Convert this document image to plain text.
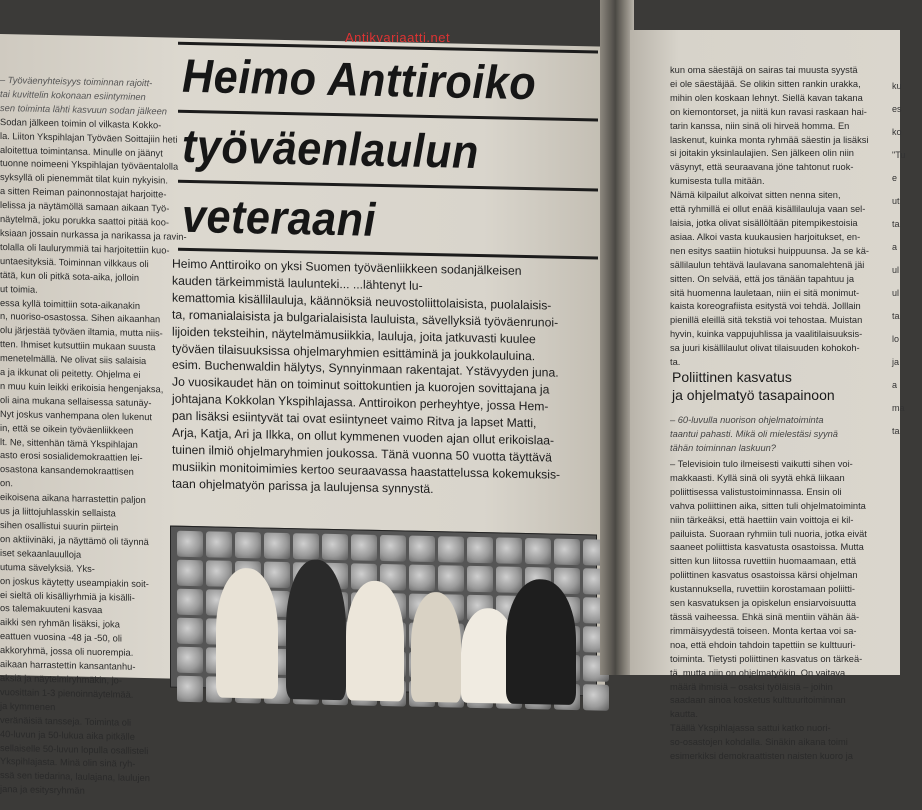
– Työväenyhteisyys toiminnan rajoitt-

tai kuvittelin kokonaan esiintyminen

sen toiminta lähti kasvuun sodan jälkeen

Sodan jälkeen toimin ol vilkasta Kokko-

la. Liiton Ykspihlajan Työväen Soittajiin heti

aloitettua toimintansa. Minulle on jäänyt

tuonne noimeeni Ykspihlajan työväentalolla

syksyllä oli pienemmät tilat kuin nykyisin.

a sitten Reiman painonnostajat harjoitte-

lelissa ja näytämöllä samaan aikaan Työ-

näytelmä, joku porukka saattoi pitää koo-

ksiaan jossain nurkassa ja narikassa ja ravin-

tolalla oli laulurymmiä tai harjoitettiin kuo-

untaesityksiä. Toiminnan vilkkaus oli

tätä, kun oli pitkä sota-aika, jolloin

ut toimia.

essa kyllä toimittiin sota-aikanakin

n, nuoriso-osastossa. Sihen aikaanhan

olu järjestää työväen iltamia, mutta niis-

tten. Ihmiset kutsuttiin mukaan suusta

menetelmällä. Ne olivat siis salaisia

a ja ikkunat oli peitetty. Ohjelma ei

n muu kuin leikki erikoisia hengenjaksa,

oli aina mukana sellaisessa satunäy-

Nyt joskus vanhempana olen lukenut

in, että se oikein työväenliikkeen

lt. Ne, sittenhän tämä Ykspihlajan

asto erosi sosialidemokraattien lei-

osastona kansandemokraattisen

on.

eikoisena aikana harrastettin paljon

us ja liittojuhlasskin sellaista

sihen osallistui suurin piirtein

on aktiivinäki, ja näyttämö oli täynnä

iset sekaanlauulloja

utuma sävelyksiä. Yks-

on joskus käytetty useampiakin soit-

ei sieltä oli kisälliyrhmiä ja kisälli-

os talemakuuteni kasvaa

aikki sen ryhmän lisäksi, joka

eattuen vuosina -48 ja -50, oli

akkoryhmä, jossa oli nuorempia.

aikaan harrastettin kansantanhu-

aksiä ja näytelmiryhmäkin, jo-

vuosittain 1-3 pienoinnäytelmää.

ja kymmenen

veränäisiä tansseja. Toiminta oli

40-luvun ja 50-lukua aika pitkälle

sellaiselle 50-luvun lopulla osallisteli

Ykspihlajasta. Minä olin sinä ryh-

ssä sen tiedarina, laulajana, laulujen

jana ja esitysryhmän

Heimo Anttiroiko
työväenlaulun
veteraani

Heimo Anttiroiko on yksi Suomen työväenliikkeen sodanjälkeisen

kauden tärkeimmistä laulunteki... ...lähtenyt lu-

kemattomia kisällilauluja, käännöksiä neuvostoliittolaisista, puolalaisis-

ta, romanialaisista ja bulgarialaisista lauluista, sävellyksiä työväenrunoi-

lijoiden teksteihin, näytelmämusiikkia, lauluja, joita jatkuvasti kuulee

työväen tilaisuuksissa ohjelmaryhmien esittäminä ja joukkolauluina.

esim. Buchenwaldin hälytys, Synnyinmaan rakentajat. Ystävyyden juna.

Jo vuosikaudet hän on toiminut soittokuntien ja kuorojen sovittajana ja

johtajana Kokkolan Ykspihlajassa. Anttiroikon perheyhtye, jossa Hem-

pan lisäksi esiintyvät tai ovat esiintyneet vaimo Ritva ja lapset Matti,

Arja, Katja, Ari ja Ilkka, on ollut kymmenen vuoden ajan ollut erikoislaa-

tuinen ilmiö ohjelmaryhmien joukossa. Tänä vuonna 50 vuotta täyttävä

musiikin monitoimimies kertoo seuraavassa haastattelussa kokemuksis-

taan ohjelmatyön parissa ja laulujensa synnystä.

kun oma säestäjä on sairas tai muusta syystä

ei ole säestäjää. Se olikin sitten rankin urakka,

mihin olen koskaan lehnyt. Siellä kavan takana

on kiemontorset, ja niitä kun ravasi raskaan hai-

tarin kanssa, niin sinä oli hirveä homma. En

laskenut, kuinka monta ryhmää säestin ja lisäksi

si joitakin yksinlaulajien. Sen jälkeen olin niin

väsynyt, että seuraavana jöne tahtonut ruok-

kumisesta tulla mitään.

Nämä kilpailut alkoivat sitten nenna siten,

että ryhmillä ei ollut enää kisällilauluja vaan sel-

laisia, jotka olivat sisällöltään pitempikestoisia

asiaa. Alkoi vasta kuukausien harjoitukset, en-

nen esitys saatiin hiotuksi huippuunsa. Ja se kä-

sällilaulun tehtävä laulavana sanomalehtenä jäi

sitten. On selvää, että jos tänään tapahtuu ja

sitä huomenna lauletaan, niin ei sitä monimut-

kaista koreografiista esitystä voi tehdä. Jolllain

pienillä eleillä sitä tekstiä voi tehostaa. Muistan

hyvin, kuinka vappujuhlissa ja vaalitilaisuuksis-

sa juuri kisällilaulut olivat tilaisuuden kohokoh-

ta.

Poliittinen kasvatus
ja ohjelmatyö tasapainoon

– 60-luvulla nuorison ohjelmatoiminta

taantui pahasti. Mikä oli mielestäsi syynä

tähän toiminnan laskuun?

– Televisioin tulo ilmeisesti vaikutti sihen voi-

makkaasti. Kyllä sinä oli syytä ehkä liikaan

poliittisessa valistustoiminnassa. Ensin oli

vahva poliittinen aika, sitten tuli ohjelmatoiminta

niin tärkeäksi, että haettiin vain voittoja ei kil-

pailuista. Suoraan ryhmiin tuli nuoria, jotka eivät

saaneet poliittista kasvatusta osastoissa. Mutta

sitten kun liitossa ruvettiin huomaamaan, että

poliittinen kasvatus osastoissa kärsi ohjelman

kustannuksella, ruvettiin korostamaan poliitti-

sen kasvatuksen ja opiskelun ensiarvoisuutta

tässä vaiheessa. Ehkä sinä mentiin vähän ää-

rimmäisyydestä toiseen. Monta kertaa voi sa-

noa, että ehdoin tahdoin tapettiin se kulttuuri-

toiminta. Tietysti poliittinen kasvatus on tärkeä-

tä, mutta niin on ohjelmatyökin. On vaitava

määrä ihmisiä – osaksi työläisiä – joihin

saadaan ainoa kosketus kulttuuritoiminnan

kautta.

Täällä Ykspihlajassa sattui katko nuori-

so-osastojen kohdalla. Sinäkin aikana toimi

esimerkiksi demokraattisten naisten kuoro ja

ku

es

ko

"Tu

e

ut

ta

a

ul

ul

ta

lo

ja

a

ma

ta

Antikvariaatti.net
